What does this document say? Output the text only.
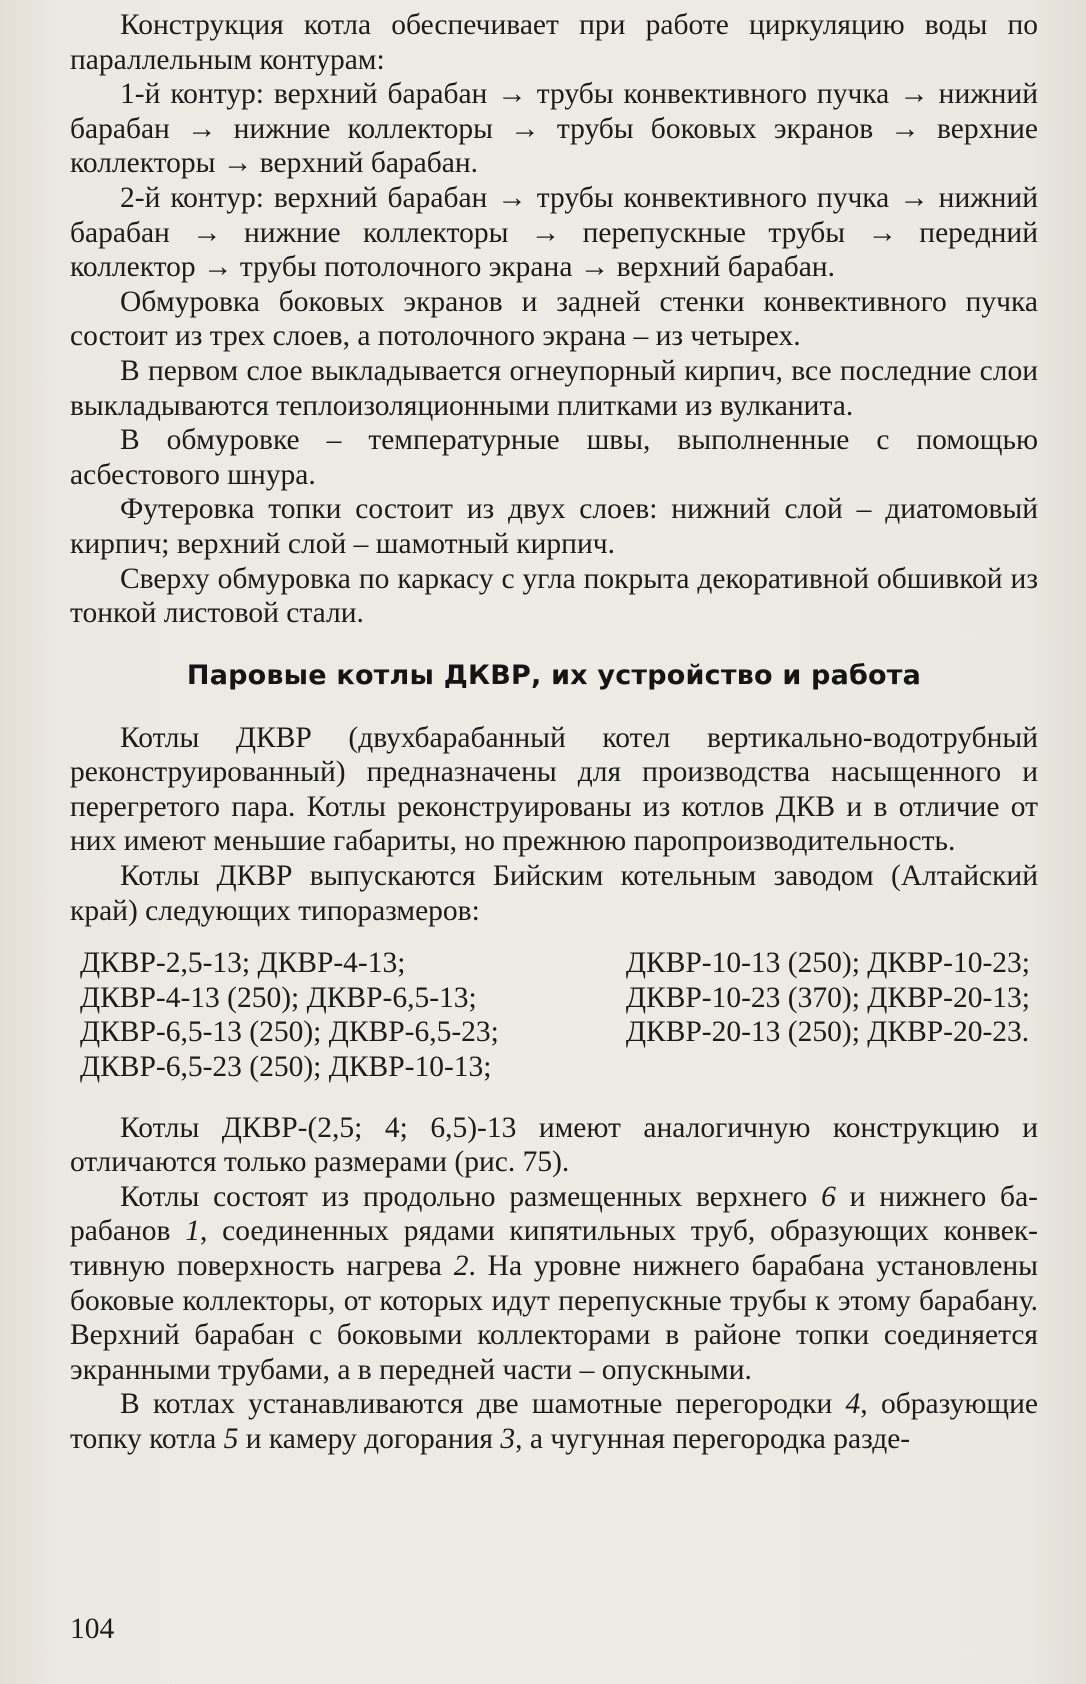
Конструкция котла обеспечивает при работе циркуляцию воды по параллельным контурам:

1-й контур: верхний барабан → трубы конвективного пучка → нижний барабан → нижние коллекторы → трубы боковых экранов → верхние коллекторы → верхний барабан.

2-й контур: верхний барабан → трубы конвективного пучка → нижний барабан → нижние коллекторы → перепускные трубы → передний коллектор → трубы потолочного экрана → верхний барабан.

Обмуровка боковых экранов и задней стенки конвективного пучка состоит из трех слоев, а потолочного экрана – из четырех.

В первом слое выкладывается огнеупорный кирпич, все последние слои выкладываются теплоизоляционными плитками из вулканита.

В обмуровке – температурные швы, выполненные с помощью асбестового шнура.

Футеровка топки состоит из двух слоев: нижний слой – диатомовый кирпич; верхний слой – шамотный кирпич.

Сверху обмуровка по каркасу с угла покрыта декоративной обшивкой из тонкой листовой стали.

Паровые котлы ДКВР, их устройство и работа

Котлы ДКВР (двухбарабанный котел вертикально-водотрубный реконструированный) предназначены для производства насыщенного и перегретого пара. Котлы реконструированы из котлов ДКВ и в отличие от них имеют меньшие габариты, но прежнюю паропроизводительность.

Котлы ДКВР выпускаются Бийским котельным заводом (Алтайский край) следующих типоразмеров:

ДКВР-2,5-13; ДКВР-4-13;
ДКВР-4-13 (250); ДКВР-6,5-13;
ДКВР-6,5-13 (250); ДКВР-6,5-23;
ДКВР-6,5-23 (250); ДКВР-10-13;
ДКВР-10-13 (250); ДКВР-10-23;
ДКВР-10-23 (370); ДКВР-20-13;
ДКВР-20-13 (250); ДКВР-20-23.

Котлы ДКВР-(2,5; 4; 6,5)-13 имеют аналогичную конструкцию и отличаются только размерами (рис. 75).

Котлы состоят из продольно размещенных верхнего 6 и нижнего барабанов 1, соединенных рядами кипятильных труб, образующих конвективную поверхность нагрева 2. На уровне нижнего барабана установлены боковые коллекторы, от которых идут перепускные трубы к этому барабану. Верхний барабан с боковыми коллекторами в районе топки соединяется экранными трубами, а в передней части – опускными.

В котлах устанавливаются две шамотные перегородки 4, образующие топку котла 5 и камеру догорания 3, а чугунная перегородка разде-

104
